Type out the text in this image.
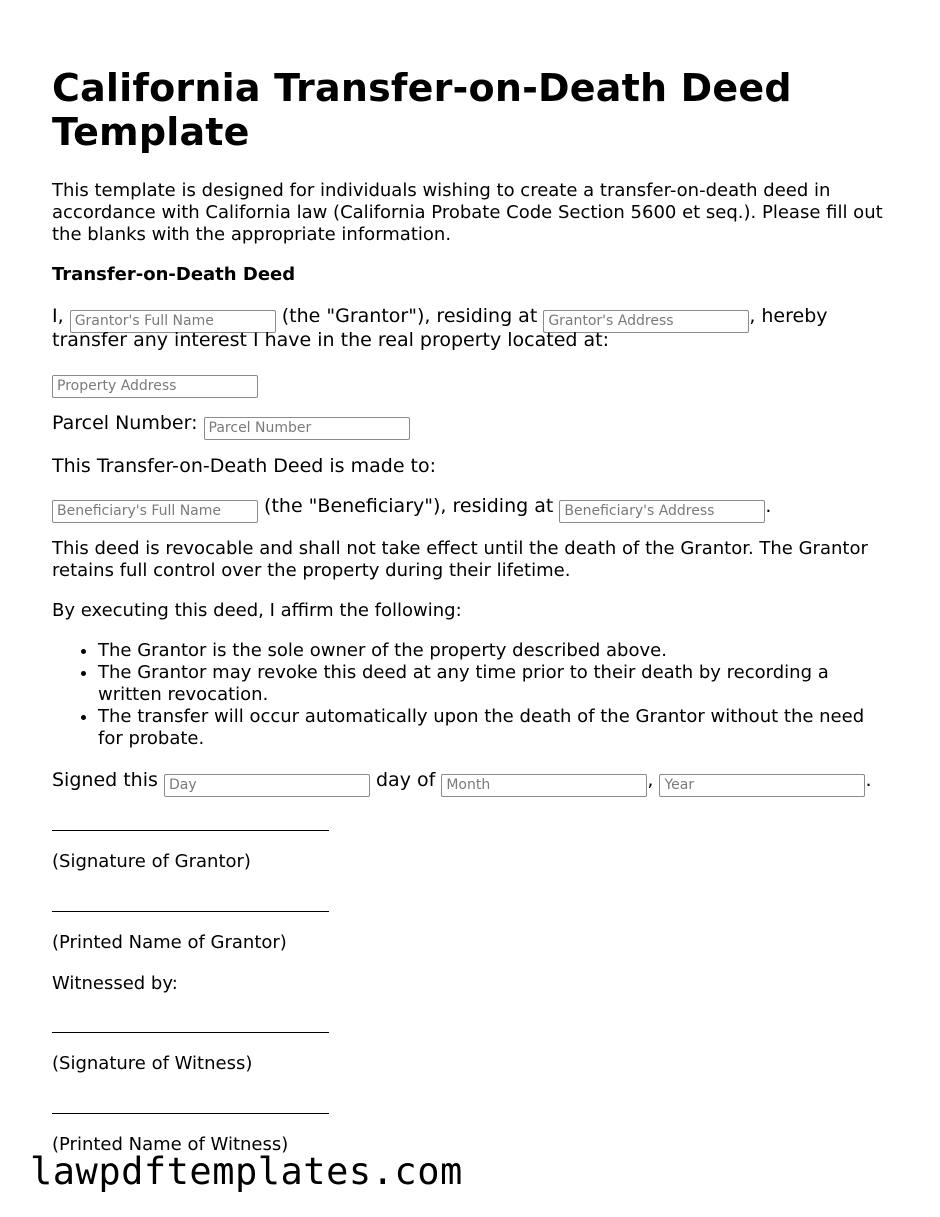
California Transfer-on-Death Deed Template

This template is designed for individuals wishing to create a transfer-on-death deed in accordance with California law (California Probate Code Section 5600 et seq.). Please fill out the blanks with the appropriate information.

Transfer-on-Death Deed

I, Grantor's Full Name	(the "Grantor"), residing at Grantor's Address	, hereby
transfer any interest I have in the real property located at:
Property Address
Parcel Number: Parcel Number
This Transfer-on-Death Deed is made to:
Beneficiary's Full Name (the "Beneficiary"), residing at Beneficiary's Address	.

This deed is revocable and shall not take effect until the death of the Grantor. The Grantor retains full control over the property during their lifetime.

By executing this deed, I affirm the following:

• The Grantor is the sole owner of the property described above.
• The Grantor may revoke this deed at any time prior to their death by recording a written revocation.
• The transfer will occur automatically upon the death of the Grantor without the need for probate.
Signed this Day	day of Month	, Year	.
(Signature of Grantor)
(Printed Name of Grantor)
Witnessed by:
(Signature of Witness)
(Printed Name of Witness)
lawpdftemplates.com
